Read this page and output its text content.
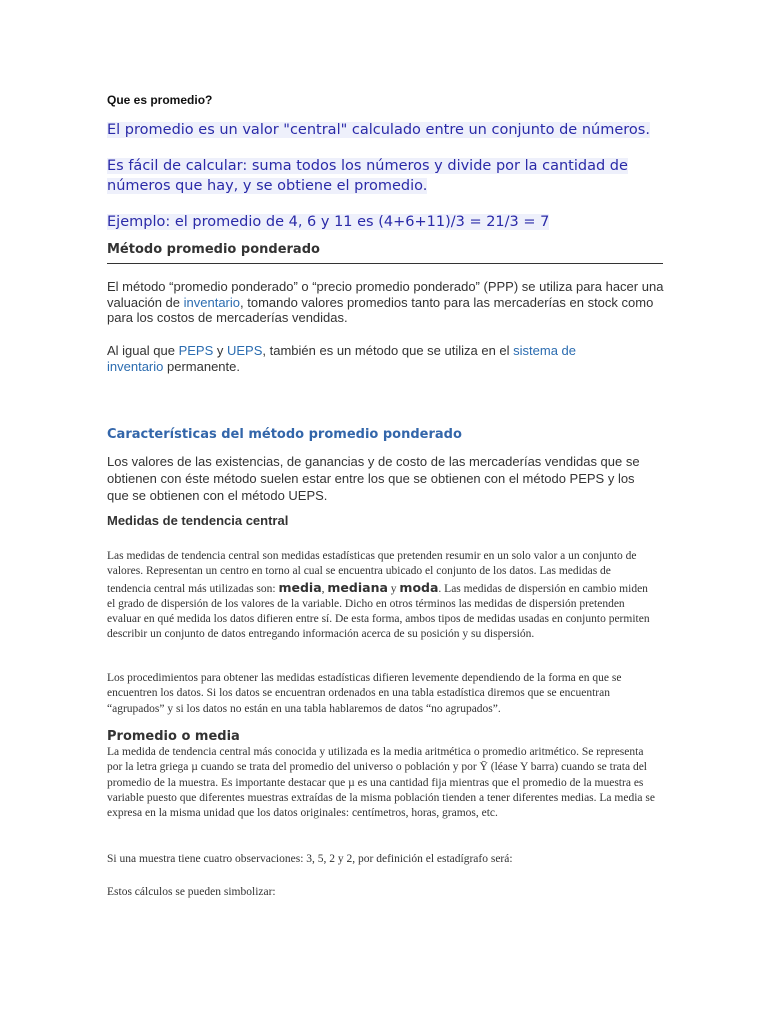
Que es promedio?
El promedio es un valor "central" calculado entre un conjunto de números.
Es fácil de calcular: suma todos los números y divide por la cantidad de
números que hay, y se obtiene el promedio.
Ejemplo: el promedio de 4, 6 y 11 es (4+6+11)/3 = 21/3 = 7
Método promedio ponderado

El método “promedio ponderado” o “precio promedio ponderado” (PPP) se utiliza para hacer una valuación de inventario, tomando valores promedios tanto para las mercaderías en stock como para los costos de mercaderías vendidas.

Al igual que PEPS y UEPS, también es un método que se utiliza en el sistema de inventario permanente.

Características del método promedio ponderado

Los valores de las existencias, de ganancias y de costo de las mercaderías vendidas que se obtienen con éste método suelen estar entre los que se obtienen con el método PEPS y los que se obtienen con el método UEPS.

Medidas de tendencia central

Las medidas de tendencia central son medidas estadísticas que pretenden resumir en un solo valor a un conjunto de valores. Representan un centro en torno al cual se encuentra ubicado el conjunto de los datos. Las medidas de tendencia central más utilizadas son: media, mediana y moda. Las medidas de dispersión en cambio miden el grado de dispersión de los valores de la variable. Dicho en otros términos las medidas de dispersión pretenden evaluar en qué medida los datos difieren entre sí. De esta forma, ambos tipos de medidas usadas en conjunto permiten describir un conjunto de datos entregando información acerca de su posición y su dispersión.

Los procedimientos para obtener las medidas estadísticas difieren levemente dependiendo de la forma en que se encuentren los datos. Si los datos se encuentran ordenados en una tabla estadística diremos que se encuentran “agrupados” y si los datos no están en una tabla hablaremos de datos “no agrupados”.

Promedio o media

La medida de tendencia central más conocida y utilizada es la media aritmética o promedio aritmético. Se representa por la letra griega µ cuando se trata del promedio del universo o población y por Ȳ (léase Y barra) cuando se trata del promedio de la muestra. Es importante destacar que µ es una cantidad fija mientras que el promedio de la muestra es variable puesto que diferentes muestras extraídas de la misma población tienden a tener diferentes medias. La media se expresa en la misma unidad que los datos originales: centímetros, horas, gramos, etc.

Si una muestra tiene cuatro observaciones: 3, 5, 2 y 2, por definición el estadígrafo será:

Estos cálculos se pueden simbolizar:
